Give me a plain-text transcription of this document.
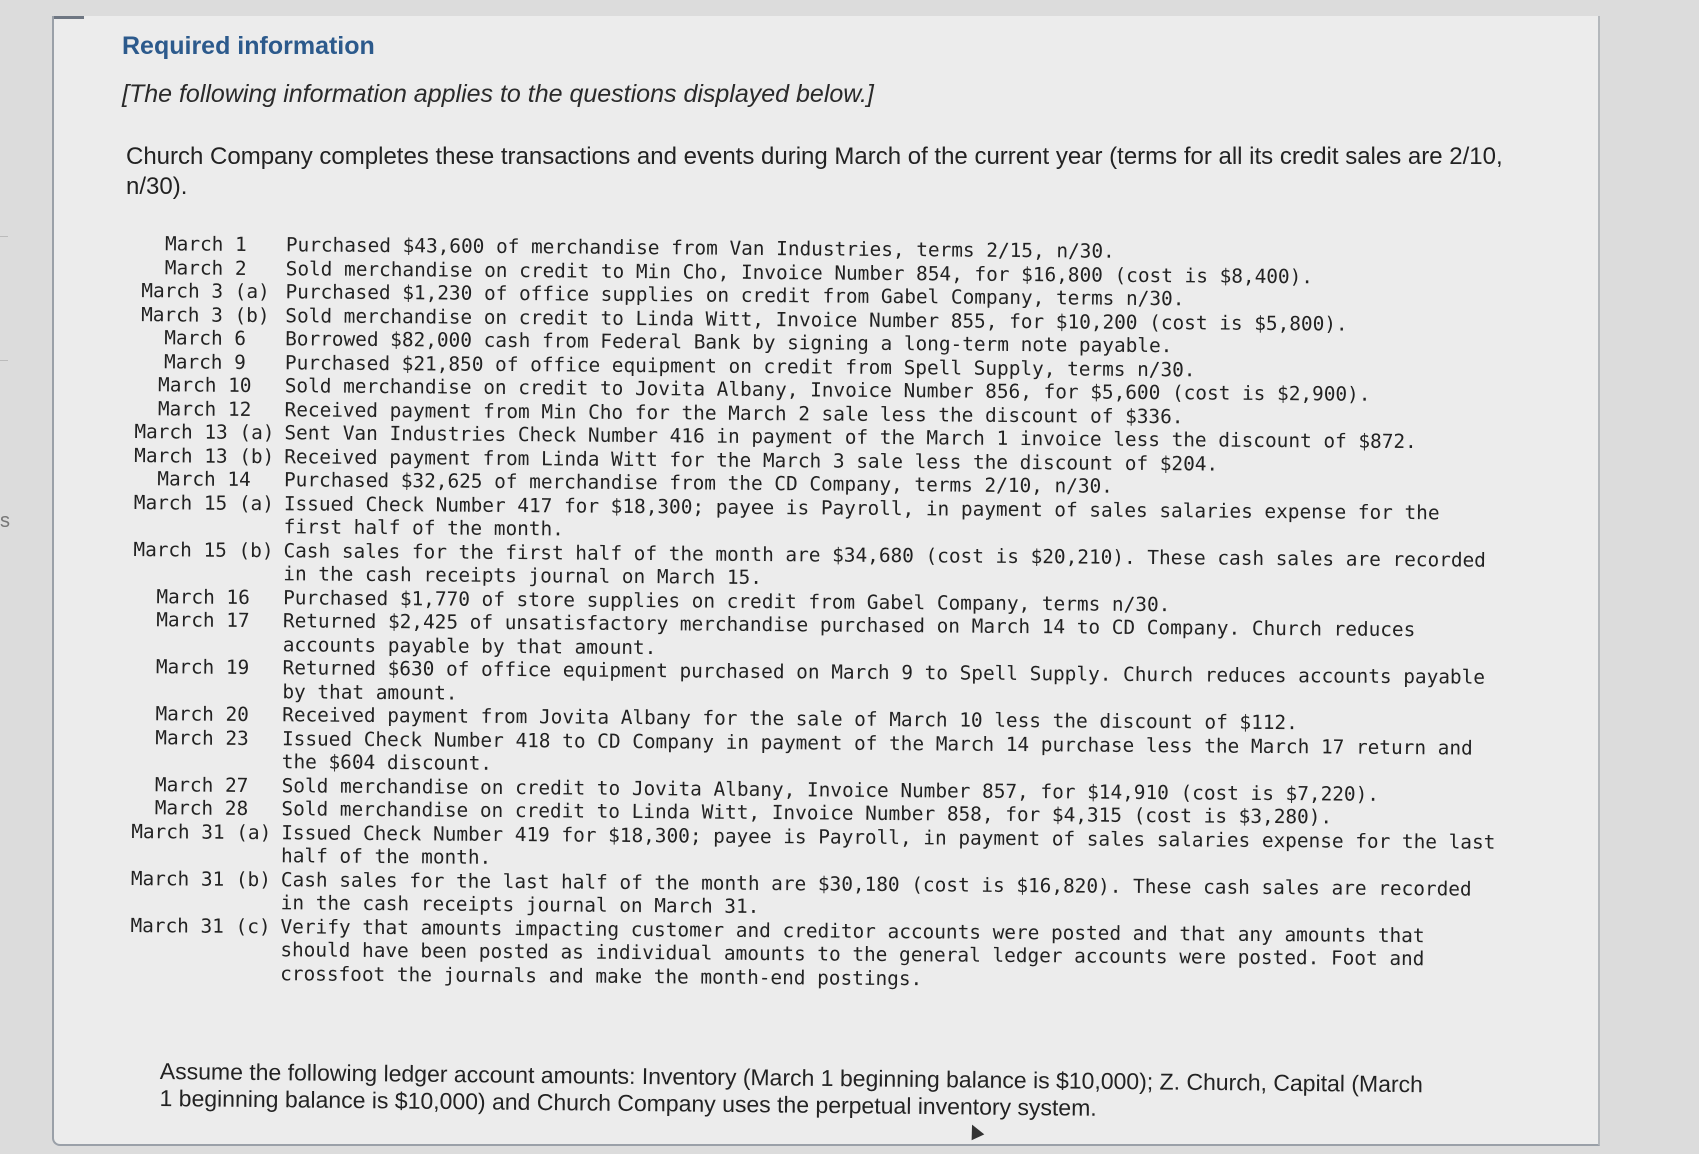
s
Required information
[The following information applies to the questions displayed below.]
Church Company completes these transactions and events during March of the current year (terms for all its credit sales are 2/10, n/30).
March 1	Purchased $43,600 of merchandise from Van Industries, terms 2/15, n/30.
March 2	Sold merchandise on credit to Min Cho, Invoice Number 854, for $16,800 (cost is $8,400).
March 3 (a) Purchased $1,230 of office supplies on credit from Gabel Company, terms n/30.
March 3 (b) Sold merchandise on credit to Linda Witt, Invoice Number 855, for $10,200 (cost is $5,800).
March 6	Borrowed $82,000 cash from Federal Bank by signing a long-term note payable.
March 9	Purchased $21,850 of office equipment on credit from Spell Supply, terms n/30.
March 10	Sold merchandise on credit to Jovita Albany, Invoice Number 856, for $5,600 (cost is $2,900).
March 12	Received payment from Min Cho for the March 2 sale less the discount of $336.
March 13 (a) Sent Van Industries Check Number 416 in payment of the March 1 invoice less the discount of $872.
March 13 (b) Received payment from Linda Witt for the March 3 sale less the discount of $204.
March 14	Purchased $32,625 of merchandise from the CD Company, terms 2/10, n/30.
March 15 (a) Issued Check Number 417 for $18,300; payee is Payroll, in payment of sales salaries expense for the first half of the month.
March 15 (b) Cash sales for the first half of the month are $34,680 (cost is $20,210). These cash sales are recorded in the cash receipts journal on March 15.
March 16	Purchased $1,770 of store supplies on credit from Gabel Company, terms n/30.
March 17	Returned $2,425 of unsatisfactory merchandise purchased on March 14 to CD Company. Church reduces accounts payable by that amount.
March 19	Returned $630 of office equipment purchased on March 9 to Spell Supply. Church reduces accounts payable by that amount.
March 20	Received payment from Jovita Albany for the sale of March 10 less the discount of $112.
March 23	Issued Check Number 418 to CD Company in payment of the March 14 purchase less the March 17 return and the $604 discount.
March 27	Sold merchandise on credit to Jovita Albany, Invoice Number 857, for $14,910 (cost is $7,220).
March 28	Sold merchandise on credit to Linda Witt, Invoice Number 858, for $4,315 (cost is $3,280).
March 31 (a) Issued Check Number 419 for $18,300; payee is Payroll, in payment of sales salaries expense for the last half of the month.
March 31 (b) Cash sales for the last half of the month are $30,180 (cost is $16,820). These cash sales are recorded in the cash receipts journal on March 31.
March 31 (c) Verify that amounts impacting customer and creditor accounts were posted and that any amounts that should have been posted as individual amounts to the general ledger accounts were posted. Foot and crossfoot the journals and make the month-end postings.
Assume the following ledger account amounts: Inventory (March 1 beginning balance is $10,000); Z. Church, Capital (March 1 beginning balance is $10,000) and Church Company uses the perpetual inventory system.
